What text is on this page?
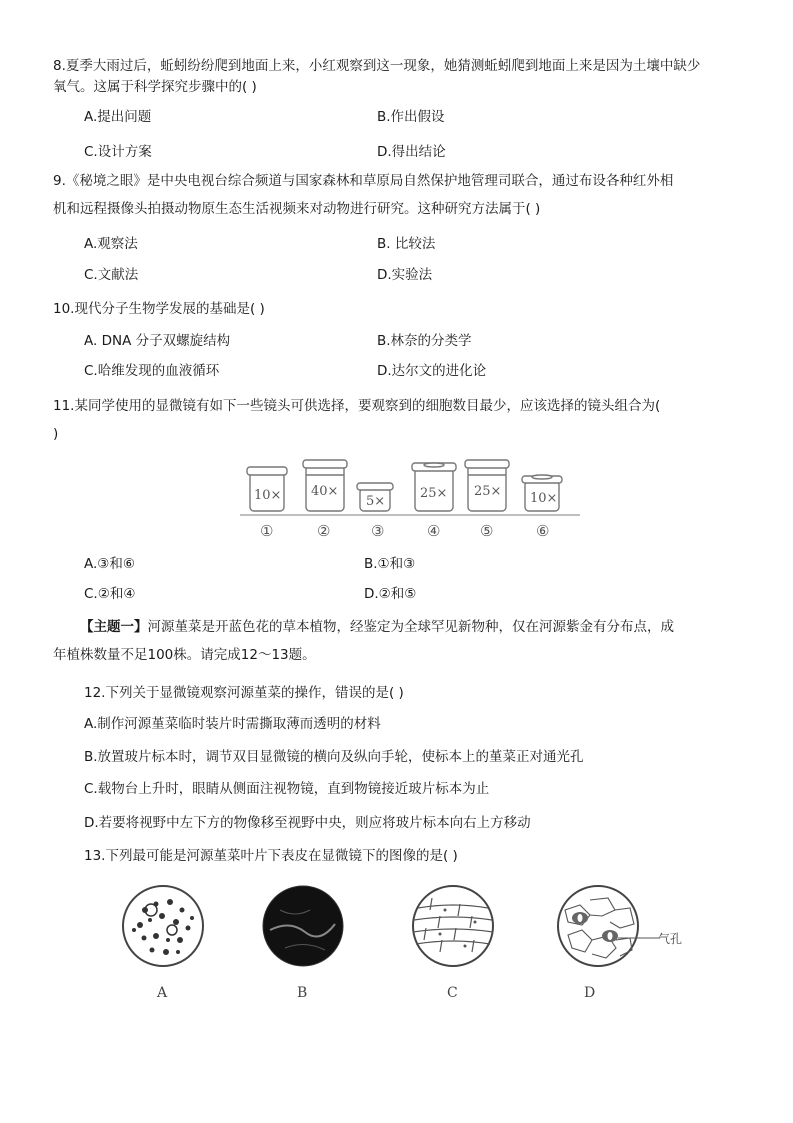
8.夏季大雨过后，蚯蚓纷纷爬到地面上来，小红观察到这一现象，她猜测蚯蚓爬到地面上来是因为土壤中缺少
氧气。这属于科学探究步骤中的( )
A.提出问题	B.作出假设
C.设计方案	D.得出结论
9.《秘境之眼》是中央电视台综合频道与国家森林和草原局自然保护地管理司联合，通过布设各种红外相
机和远程摄像头拍摄动物原生态生活视频来对动物进行研究。这种研究方法属于( )
A.观察法	B. 比较法
C.文献法	D.实验法
10.现代分子生物学发展的基础是( )
A. DNA 分子双螺旋结构	B.林奈的分类学
C.哈维发现的血液循环	D.达尔文的进化论
11.某同学使用的显微镜有如下一些镜头可供选择，要观察到的细胞数目最少，应该选择的镜头组合为(
)
10× 40×
5×
25× 25× 10×
①	②	③	④	⑤	⑥
A.③和⑥	B.①和③
C.②和④	D.②和⑤
【主题一】河源堇菜是开蓝色花的草本植物，经鉴定为全球罕见新物种，仅在河源紫金有分布点，成
年植株数量不足100株。请完成12～13题。
12.下列关于显微镜观察河源堇菜的操作，错误的是( )
A.制作河源堇菜临时装片时需撕取薄而透明的材料
B.放置玻片标本时，调节双目显微镜的横向及纵向手轮，使标本上的堇菜正对通光孔
C.载物台上升时，眼睛从侧面注视物镜，直到物镜接近玻片标本为止
D.若要将视野中左下方的物像移至视野中央，则应将玻片标本向右上方移动
13.下列最可能是河源堇菜叶片下表皮在显微镜下的图像的是( )
气孔
A	B	C	D
